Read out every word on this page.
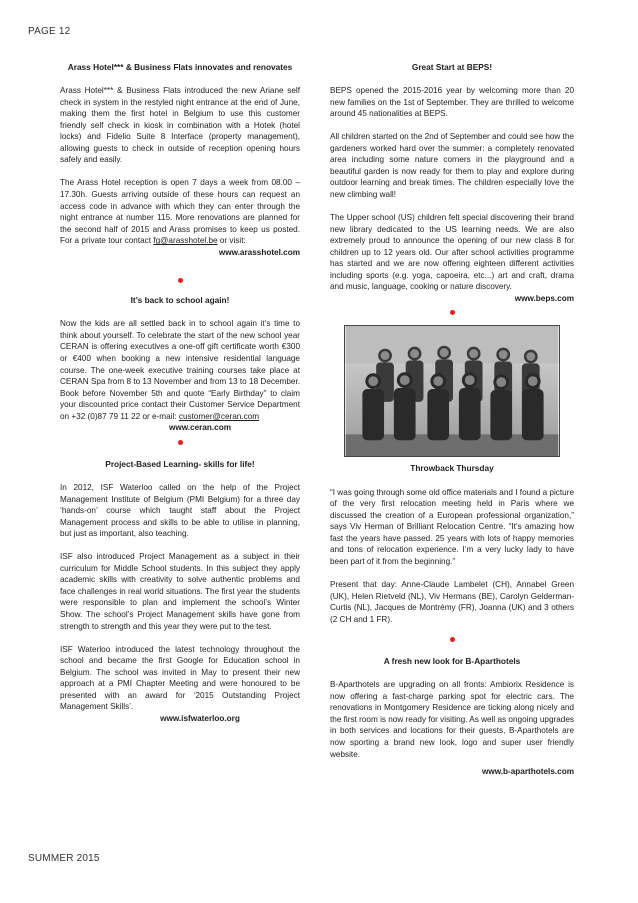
PAGE 12

Arass Hotel*** & Business Flats innovates and renovates

Arass Hotel*** & Business Flats introduced the new Ariane self check in system in the restyled night entrance at the end of June, making them the first hotel in Belgium to use this customer friendly self check in kiosk in combination with a Hotek (hotel locks) and Fidelio Suite 8 Interface (property management), allowing guests to check in outside of reception opening hours safely and easily.

The Arass Hotel reception is open 7 days a week from 08.00 – 17.30h. Guests arriving outside of these hours can request an access code in advance with which they can enter through the night entrance at number 115. More renovations are planned for the second half of 2015 and Arass promises to keep us posted. For a private tour contact fg@arasshotel.be or visit:

www.arasshotel.com

It’s back to school again!

Now the kids are all settled back in to school again it’s time to think about yourself. To celebrate the start of the new school year CERAN is offering executives a one-off gift certificate worth €300 or €400 when booking a new intensive residential language course. The one-week executive training courses take place at CERAN Spa from 8 to 13 November and from 13 to 18 December. Book before November 5th and quote “Early Birthday” to claim your discounted price contact their Customer Service Department on +32 (0)87 79 11 22 or e-mail: customer@ceran.com

www.ceran.com

Project-Based Learning- skills for life!

In 2012, ISF Waterloo called on the help of the Project Management Institute of Belgium (PMI Belgium) for a three day ‘hands-on’ course which taught staff about the Project Management process and skills to be able to utilise in planning, but just as important, also teaching.

ISF also introduced Project Management as a subject in their curriculum for Middle School students. In this subject they apply academic skills with creativity to solve authentic problems and face challenges in real world situations. The first year the students were responsible to plan and implement the school’s Winter Show. The school’s Project Management skills have gone from strength to strength and this year they were put to the test.

ISF Waterloo introduced the latest technology throughout the school and became the first Google for Education school in Belgium. The school was invited in May to present their new approach at a PMI Chapter Meeting and were honoured to be presented with an award for ‘2015 Outstanding Project Management Skills’.

www.isfwaterloo.org

Great Start at BEPS!

BEPS opened the 2015-2016 year by welcoming more than 20 new families on the 1st of September. They are thrilled to welcome around 45 nationalities at BEPS.

All children started on the 2nd of September and could see how the gardeners worked hard over the summer: a completely renovated area including some nature corners in the playground and a beautiful garden is now ready for them to play and explore during outdoor learning and break times. The children especially love the new climbing wall!

The Upper school (US) children felt special discovering their brand new library dedicated to the US learning needs. We are also extremely proud to announce the opening of our new class 8 for children up to 12 years old. Our after school activities programme has started and we are now offering eighteen different activities including sports (e.g. yoga, capoeira, etc...) art and craft, drama and music, language, cooking or nature discovery.

www.beps.com

Throwback Thursday

“I was going through some old office materials and I found a picture of the very first relocation meeting held in Paris where we discussed the creation of a European professional organization,” says Viv Herman of Brilliant Relocation Centre. “It’s amazing how fast the years have passed. 25 years with lots of happy memories and tons of relocation experience. I’m a very lucky lady to have been part of it from the beginning.”

Present that day: Anne-Claude Lambelet (CH), Annabel Green (UK), Helen Rietveld (NL), Viv Hermans (BE), Carolyn Gelderman-Curtis (NL), Jacques de Montrémy (FR), Joanna (UK) and 3 others (2 CH and 1 FR).

A fresh new look for B-Aparthotels

B-Aparthotels are upgrading on all fronts: Ambiorix Residence is now offering a fast-charge parking spot for electric cars. The renovations in Montgomery Residence are ticking along nicely and the first room is now ready for visiting. As well as ongoing upgrades in both services and locations for their guests, B-Aparthotels are now sporting a brand new look, logo and super user friendly website.

www.b-aparthotels.com

SUMMER 2015
